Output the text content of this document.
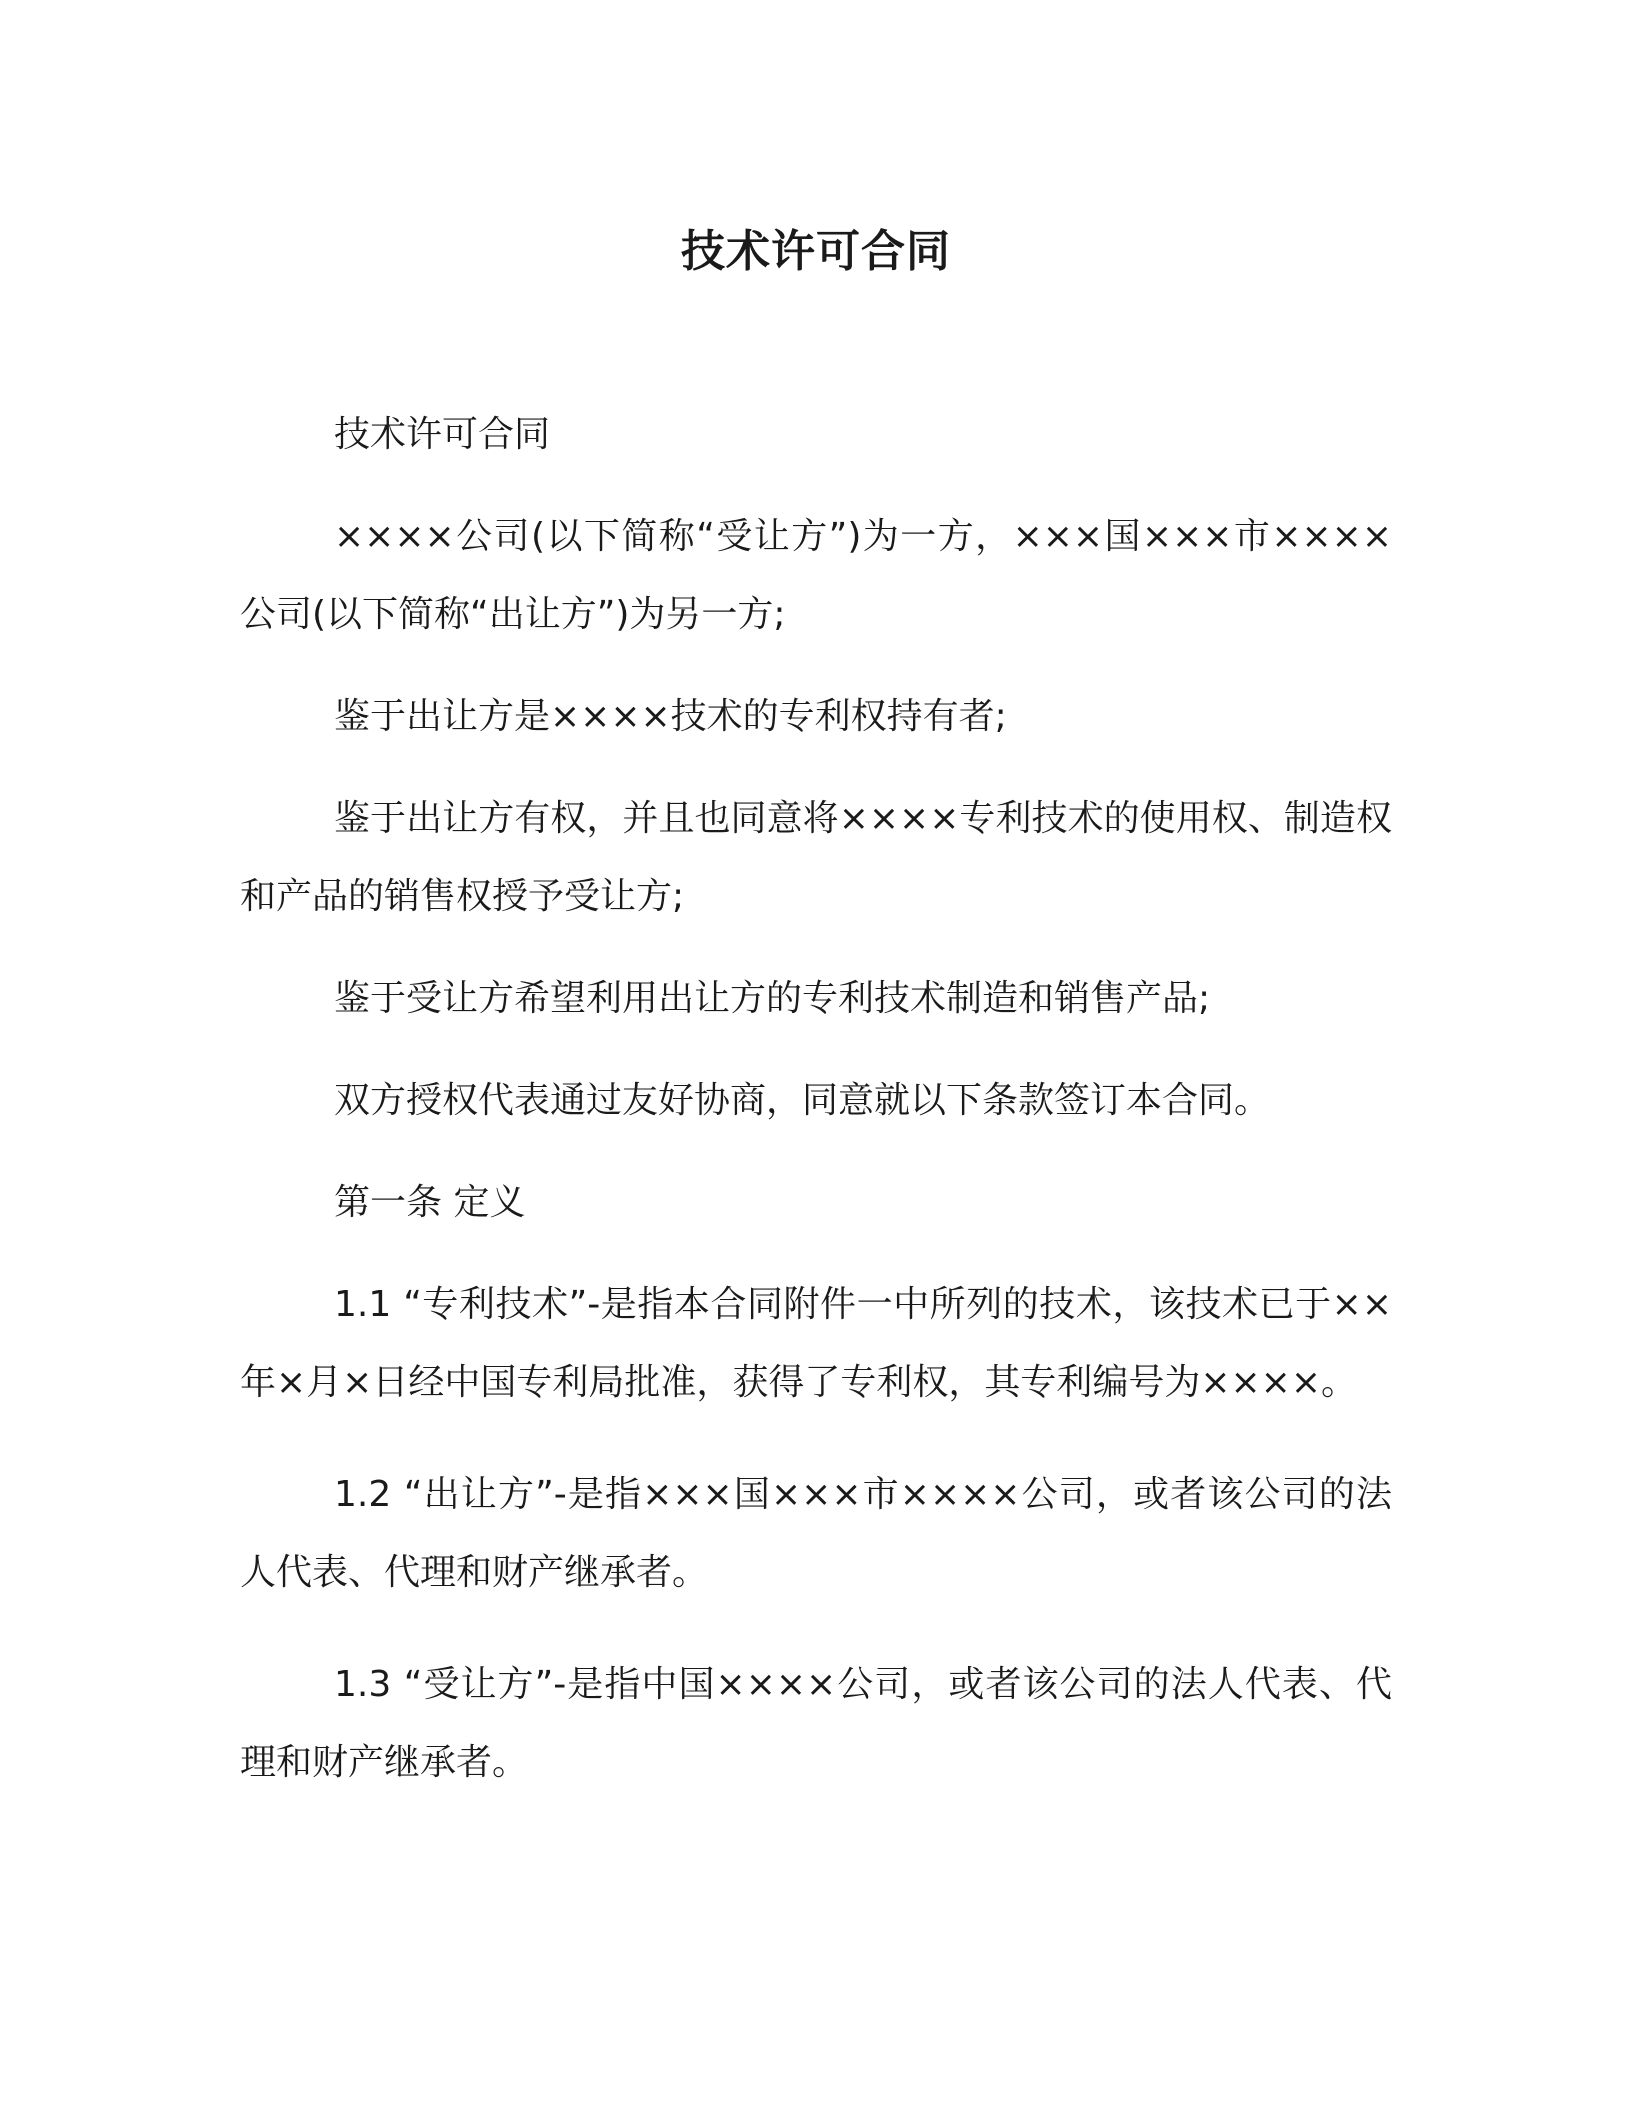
技术许可合同

技术许可合同

××××公司(以下简称“受让方”)为一方，×××国×××市××××公司(以下简称“出让方”)为另一方;

鉴于出让方是××××技术的专利权持有者;

鉴于出让方有权，并且也同意将××××专利技术的使用权、制造权和产品的销售权授予受让方;

鉴于受让方希望利用出让方的专利技术制造和销售产品;

双方授权代表通过友好协商，同意就以下条款签订本合同。

第一条 定义

1.1 “专利技术”-是指本合同附件一中所列的技术，该技术已于××年×月×日经中国专利局批准，获得了专利权，其专利编号为××××。

1.2 “出让方”-是指×××国×××市××××公司，或者该公司的法人代表、代理和财产继承者。

1.3 “受让方”-是指中国××××公司，或者该公司的法人代表、代理和财产继承者。
